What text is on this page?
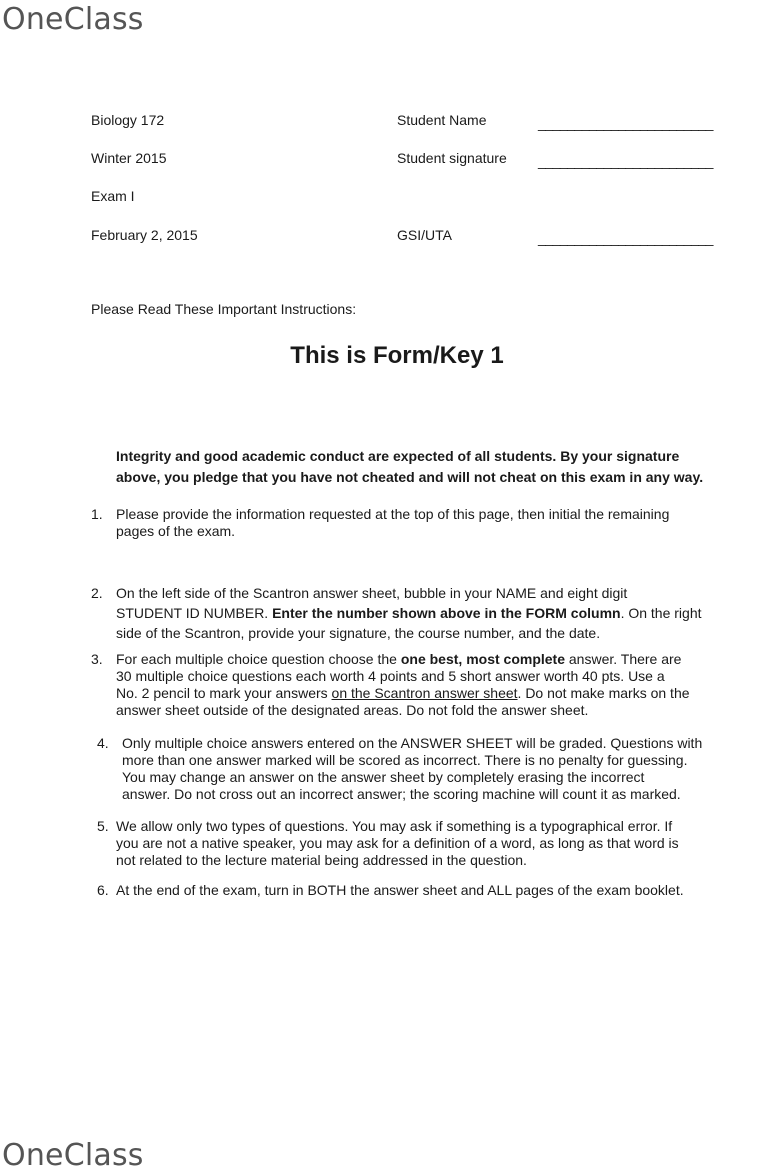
OneClass
Biology 172
Winter 2015
Exam I
February 2, 2015
Student Name
Student signature
GSI/UTA
________________________
________________________
________________________
Please Read These Important Instructions:
This is Form/Key 1
Integrity and good academic conduct are expected of all students. By your signature
above, you pledge that you have not cheated and will not cheat on this exam in any way.
1. Please provide the information requested at the top of this page, then initial the remaining
pages of the exam.
2. On the left side of the Scantron answer sheet, bubble in your NAME and eight digit
STUDENT ID NUMBER. Enter the number shown above in the FORM column. On the right
side of the Scantron, provide your signature, the course number, and the date.
3. For each multiple choice question choose the one best, most complete answer. There are
30 multiple choice questions each worth 4 points and 5 short answer worth 40 pts. Use a
No. 2 pencil to mark your answers on the Scantron answer sheet. Do not make marks on the
answer sheet outside of the designated areas. Do not fold the answer sheet.
4. Only multiple choice answers entered on the ANSWER SHEET will be graded. Questions with
more than one answer marked will be scored as incorrect. There is no penalty for guessing.
You may change an answer on the answer sheet by completely erasing the incorrect
answer. Do not cross out an incorrect answer; the scoring machine will count it as marked.
5. We allow only two types of questions. You may ask if something is a typographical error. If
you are not a native speaker, you may ask for a definition of a word, as long as that word is
not related to the lecture material being addressed in the question.
6. At the end of the exam, turn in BOTH the answer sheet and ALL pages of the exam booklet.
OneClass
